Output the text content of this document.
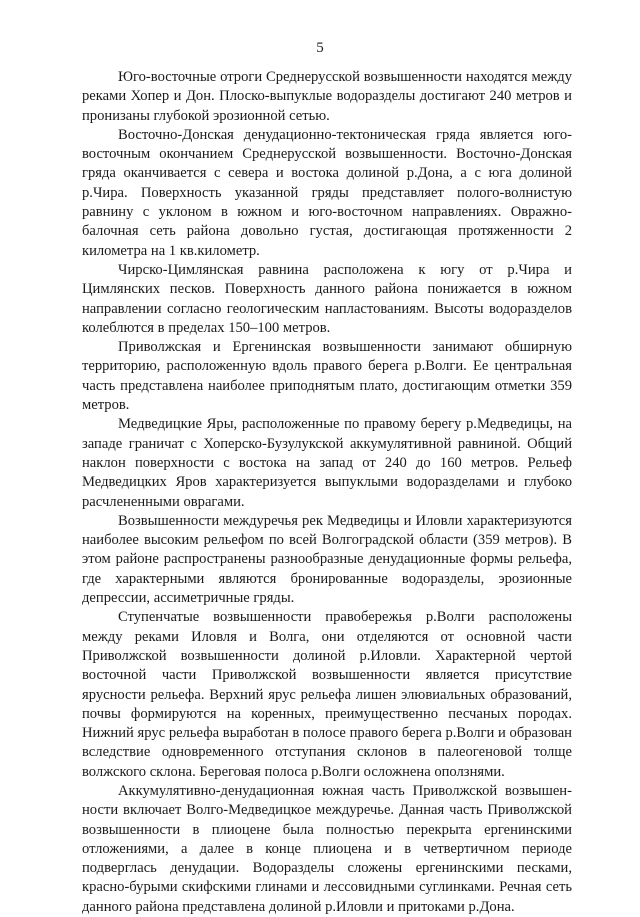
5

Юго-восточные отроги Среднерусской возвышенности находятся между реками Хопер и Дон. Плоско-выпуклые водоразделы достигают 240 метров и пронизаны глубокой эрозионной сетью.

Восточно-Донская денудационно-тектоническая гряда является юго-восточным окончанием Среднерусской возвышенности. Восточно-Донская гряда оканчивается с севера и востока долиной р.Дона, а с юга долиной р.Чира. Поверхность указанной гряды представляет полого-волнистую равнину с уклоном в южном и юго-восточном направлениях. Овражно-балочная сеть района довольно густая, достигающая протяженности 2 километра на 1 кв.километр.

Чирско-Цимлянская равнина расположена к югу от р.Чира и Цимлянских песков. Поверхность данного района понижается в южном направлении согласно геологическим напластованиям. Высоты водоразделов колеблются в пределах 150–100 метров.

Приволжская и Ергенинская возвышенности занимают обширную территорию, расположенную вдоль правого берега р.Волги. Ее центральная часть представлена наиболее приподнятым плато, достигающим отметки 359 метров.

Медведицкие Яры, расположенные по правому берегу р.Медведицы, на западе граничат с Хоперско-Бузулукской аккумулятивной равниной. Общий наклон поверхности с востока на запад от 240 до 160 метров. Рельеф Медведицких Яров характеризуется выпуклыми водоразделами и глубоко расчлененными оврагами.

Возвышенности междуречья рек Медведицы и Иловли характеризуются наиболее высоким рельефом по всей Волгоградской области (359 метров). В этом районе распространены разнообразные денудационные формы рельефа, где характерными являются бронированные водоразделы, эрозионные депрессии, ассиметричные гряды.

Ступенчатые возвышенности правобережья р.Волги расположены между реками Иловля и Волга, они отделяются от основной части Приволжской возвышенности долиной р.Иловли. Характерной чертой восточной части Приволжской возвышенности является присутствие ярусности рельефа. Верхний ярус рельефа лишен элювиальных образований, почвы формируются на коренных, преимущественно песчаных породах. Нижний ярус рельефа выработан в полосе правого берега р.Волги и образован вследствие одновременного отступания склонов в палеогеновой толще волжского склона. Береговая полоса р.Волги осложнена оползнями.

Аккумулятивно-денудационная южная часть Приволжской возвышенности включает Волго-Медведицкое междуречье. Данная часть Приволжской возвышенности в плиоцене была полностью перекрыта ергенинскими отложениями, а далее в конце плиоцена и в четвертичном периоде подверглась денудации. Водоразделы сложены ергенинскими песками, красно-бурыми скифскими глинами и лессовидными суглинками. Речная сеть данного района представлена долиной р.Иловли и притоками р.Дона.
